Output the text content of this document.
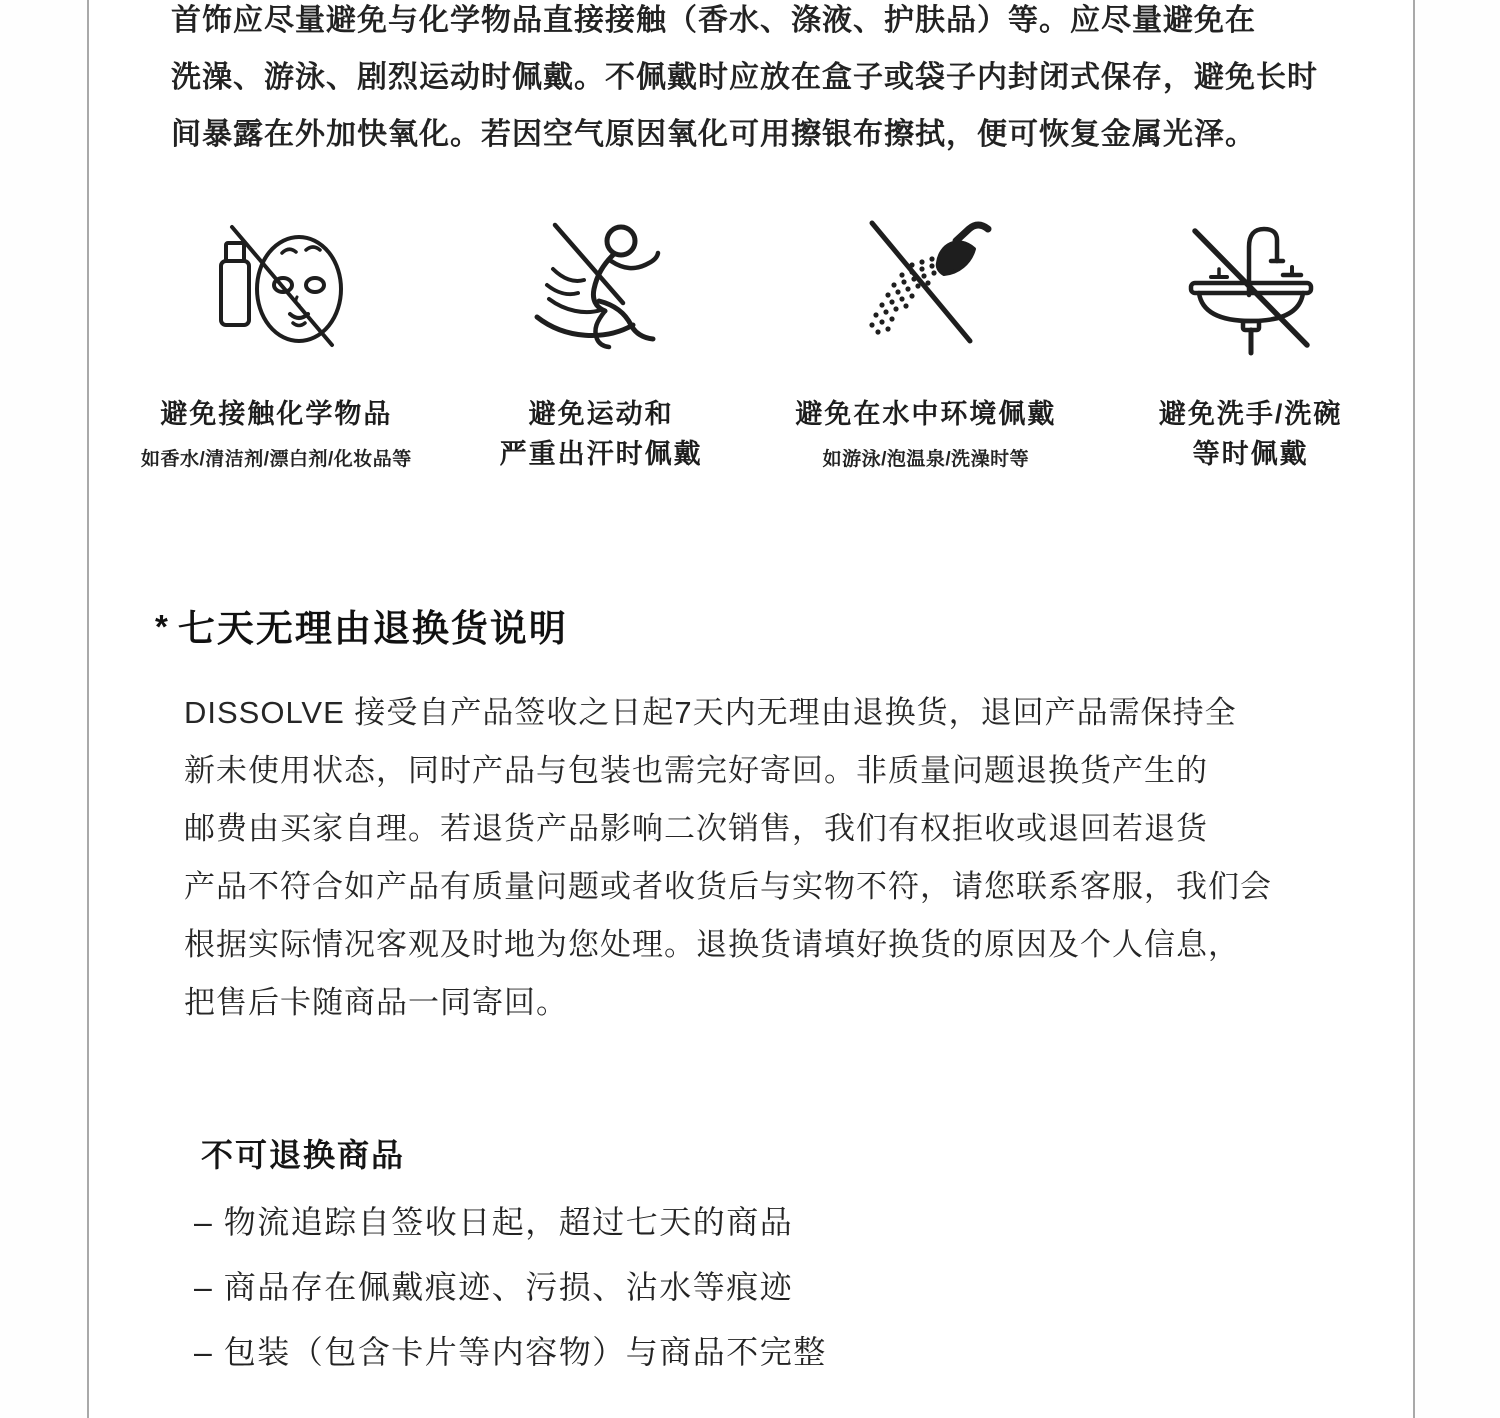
首饰应尽量避免与化学物品直接接触（香水、涤液、护肤品）等。应尽量避免在
洗澡、游泳、剧烈运动时佩戴。不佩戴时应放在盒子或袋子内封闭式保存，避免长时
间暴露在外加快氧化。若因空气原因氧化可用擦银布擦拭，便可恢复金属光泽。
避免接触化学物品
如香水/清洁剂/漂白剂/化妆品等
避免运动和
严重出汗时佩戴
避免在水中环境佩戴
如游泳/泡温泉/洗澡时等
避免洗手/洗碗
等时佩戴
* 七天无理由退换货说明
DISSOLVE 接受自产品签收之日起7天内无理由退换货，退回产品需保持全
新未使用状态，同时产品与包装也需完好寄回。非质量问题退换货产生的
邮费由买家自理。若退货产品影响二次销售，我们有权拒收或退回若退货
产品不符合如产品有质量问题或者收货后与实物不符，请您联系客服，我们会
根据实际情况客观及时地为您处理。退换货请填好换货的原因及个人信息，
把售后卡随商品一同寄回。
不可退换商品
– 物流追踪自签收日起，超过七天的商品
– 商品存在佩戴痕迹、污损、沾水等痕迹
– 包装（包含卡片等内容物）与商品不完整
